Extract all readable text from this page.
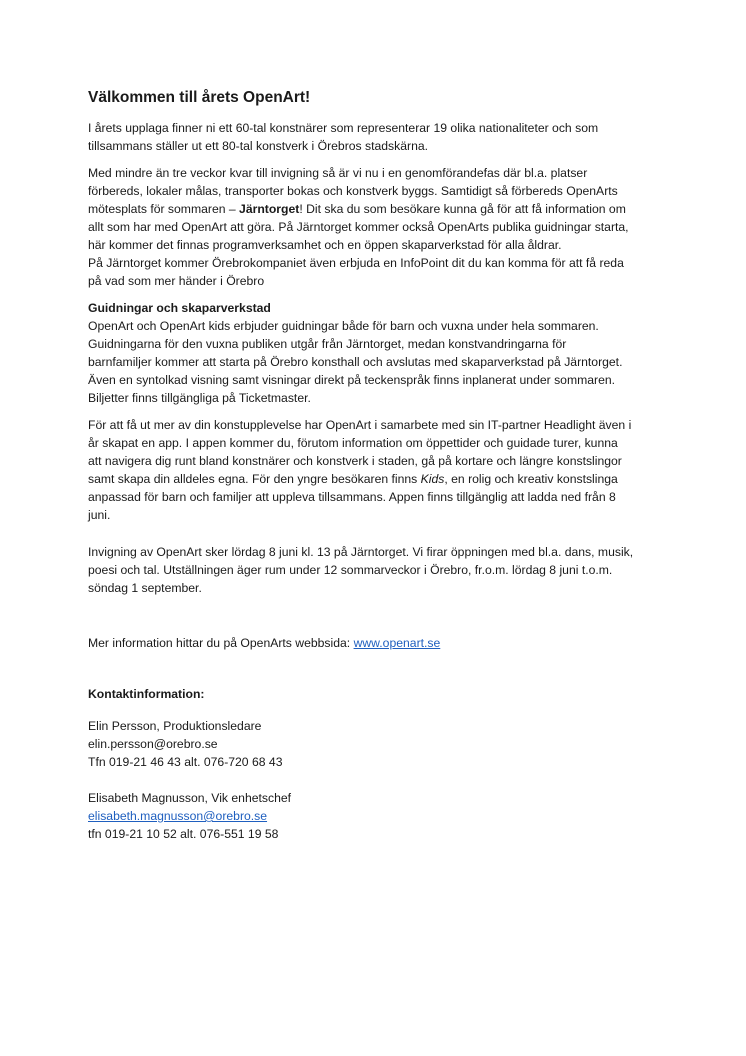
Välkommen till årets OpenArt!

I årets upplaga finner ni ett 60-tal konstnärer som representerar 19 olika nationaliteter och som
tillsammans ställer ut ett 80-tal konstverk i Örebros stadskärna.

Med mindre än tre veckor kvar till invigning så är vi nu i en genomförandefas där bl.a. platser
förbereds, lokaler målas, transporter bokas och konstverk byggs. Samtidigt så förbereds OpenArts
mötesplats för sommaren – Järntorget! Dit ska du som besökare kunna gå för att få information om
allt som har med OpenArt att göra. På Järntorget kommer också OpenArts publika guidningar starta,
här kommer det finnas programverksamhet och en öppen skaparverkstad för alla åldrar.
På Järntorget kommer Örebrokompaniet även erbjuda en InfoPoint dit du kan komma för att få reda
på vad som mer händer i Örebro

Guidningar och skaparverkstad
OpenArt och OpenArt kids erbjuder guidningar både för barn och vuxna under hela sommaren.
Guidningarna för den vuxna publiken utgår från Järntorget, medan konstvandringarna för
barnfamiljer kommer att starta på Örebro konsthall och avslutas med skaparverkstad på Järntorget.
Även en syntolkad visning samt visningar direkt på teckenspråk finns inplanerat under sommaren.
Biljetter finns tillgängliga på Ticketmaster.

För att få ut mer av din konstupplevelse har OpenArt i samarbete med sin IT-partner Headlight även i
år skapat en app. I appen kommer du, förutom information om öppettider och guidade turer, kunna
att navigera dig runt bland konstnärer och konstverk i staden, gå på kortare och längre konstslingor
samt skapa din alldeles egna. För den yngre besökaren finns Kids, en rolig och kreativ konstslinga
anpassad för barn och familjer att uppleva tillsammans. Appen finns tillgänglig att ladda ned från 8
juni.

Invigning av OpenArt sker lördag 8 juni kl. 13 på Järntorget. Vi firar öppningen med bl.a. dans, musik,
poesi och tal. Utställningen äger rum under 12 sommarveckor i Örebro, fr.o.m. lördag 8 juni t.o.m.
söndag 1 september.

Mer information hittar du på OpenArts webbsida: www.openart.se

Kontaktinformation:

Elin Persson, Produktionsledare
elin.persson@orebro.se
Tfn 019-21 46 43 alt. 076-720 68 43
Elisabeth Magnusson, Vik enhetschef
elisabeth.magnusson@orebro.se
tfn 019-21 10 52 alt. 076-551 19 58
